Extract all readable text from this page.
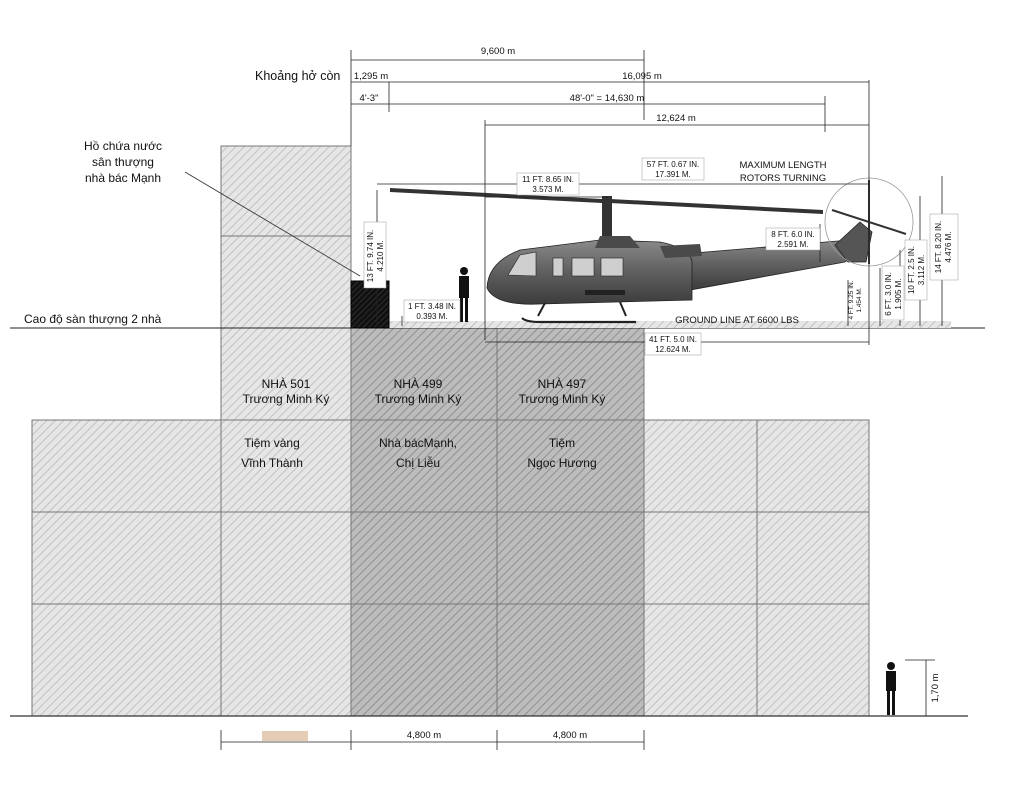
Cao độ sàn thượng 2 nhà
Hồ chứa nước
sân thượng
nhà bác Mạnh
NHÀ 501
Trương Minh Ký
Tiệm vàng
Vĩnh Thành
NHÀ 499
Trương Minh Ký
Nhà bácMạnh,
Chị Liễu
NHÀ 497
Trương Minh Ký
Tiệm
Ngọc Hương
Khoảng hở còn
9,600 m
1,295 m	16,095 m
4'-3"	48'-0" = 14,630 m
12,624 m
57 FT. 0.67 IN.
17.391 M.
MAXIMUM LENGTH
ROTORS TURNING
11 FT. 8.65 IN.
3.573 M.
8 FT. 6.0 IN.
2.591 M.
1 FT. 3.48 IN.
0.393 M.	GROUND LINE AT 6600 LBS
41 FT. 5.0 IN.
12.624 M.
13 FT. 9.74 IN. 4.210 M.
4 FT. 9.25 IN. 1.454 M.	6 FT. 3.0 IN. 1.905 M. 10 FT. 2.5 IN. 3.112 M. 14 FT. 8.20 IN. 4.476 M.
4,800 m	4,800 m
1,70 m
